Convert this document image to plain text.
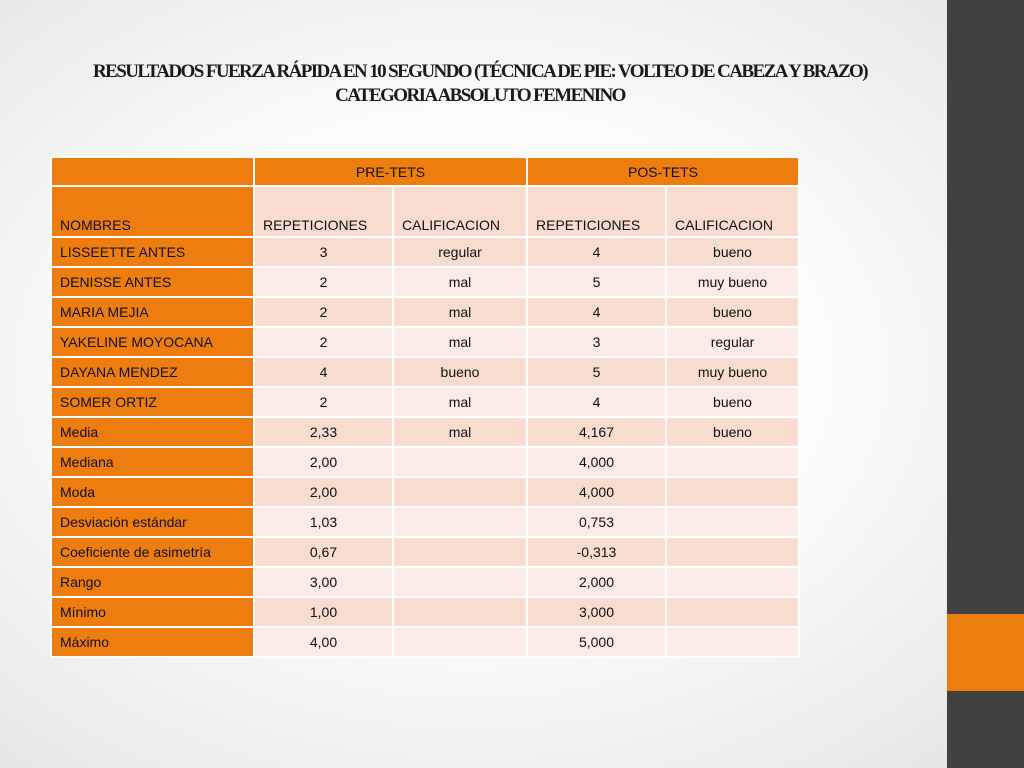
RESULTADOS FUERZA RÁPIDA EN 10 SEGUNDO (TÉCNICA DE PIE: VOLTEO DE CABEZA Y BRAZO)
CATEGORIA ABSOLUTO FEMENINO
	PRE-TETS		POS-TETS	
NOMBRES	REPETICIONES	CALIFICACION	REPETICIONES	CALIFICACION
LISSEETTE ANTES	3	regular	4	bueno
DENISSE ANTES	2	mal	5	muy bueno
MARIA MEJIA	2	mal	4	bueno
YAKELINE MOYOCANA	2	mal	3	regular
DAYANA MENDEZ	4	bueno	5	muy bueno
SOMER ORTIZ	2	mal	4	bueno
Media	2,33	mal	4,167	bueno
Mediana	2,00		4,000	
Moda	2,00		4,000	
Desviación estándar	1,03		0,753	
Coeficiente de asimetría	0,67		-0,313	
Rango	3,00		2,000	
Mínimo	1,00		3,000	
Máximo	4,00		5,000	
